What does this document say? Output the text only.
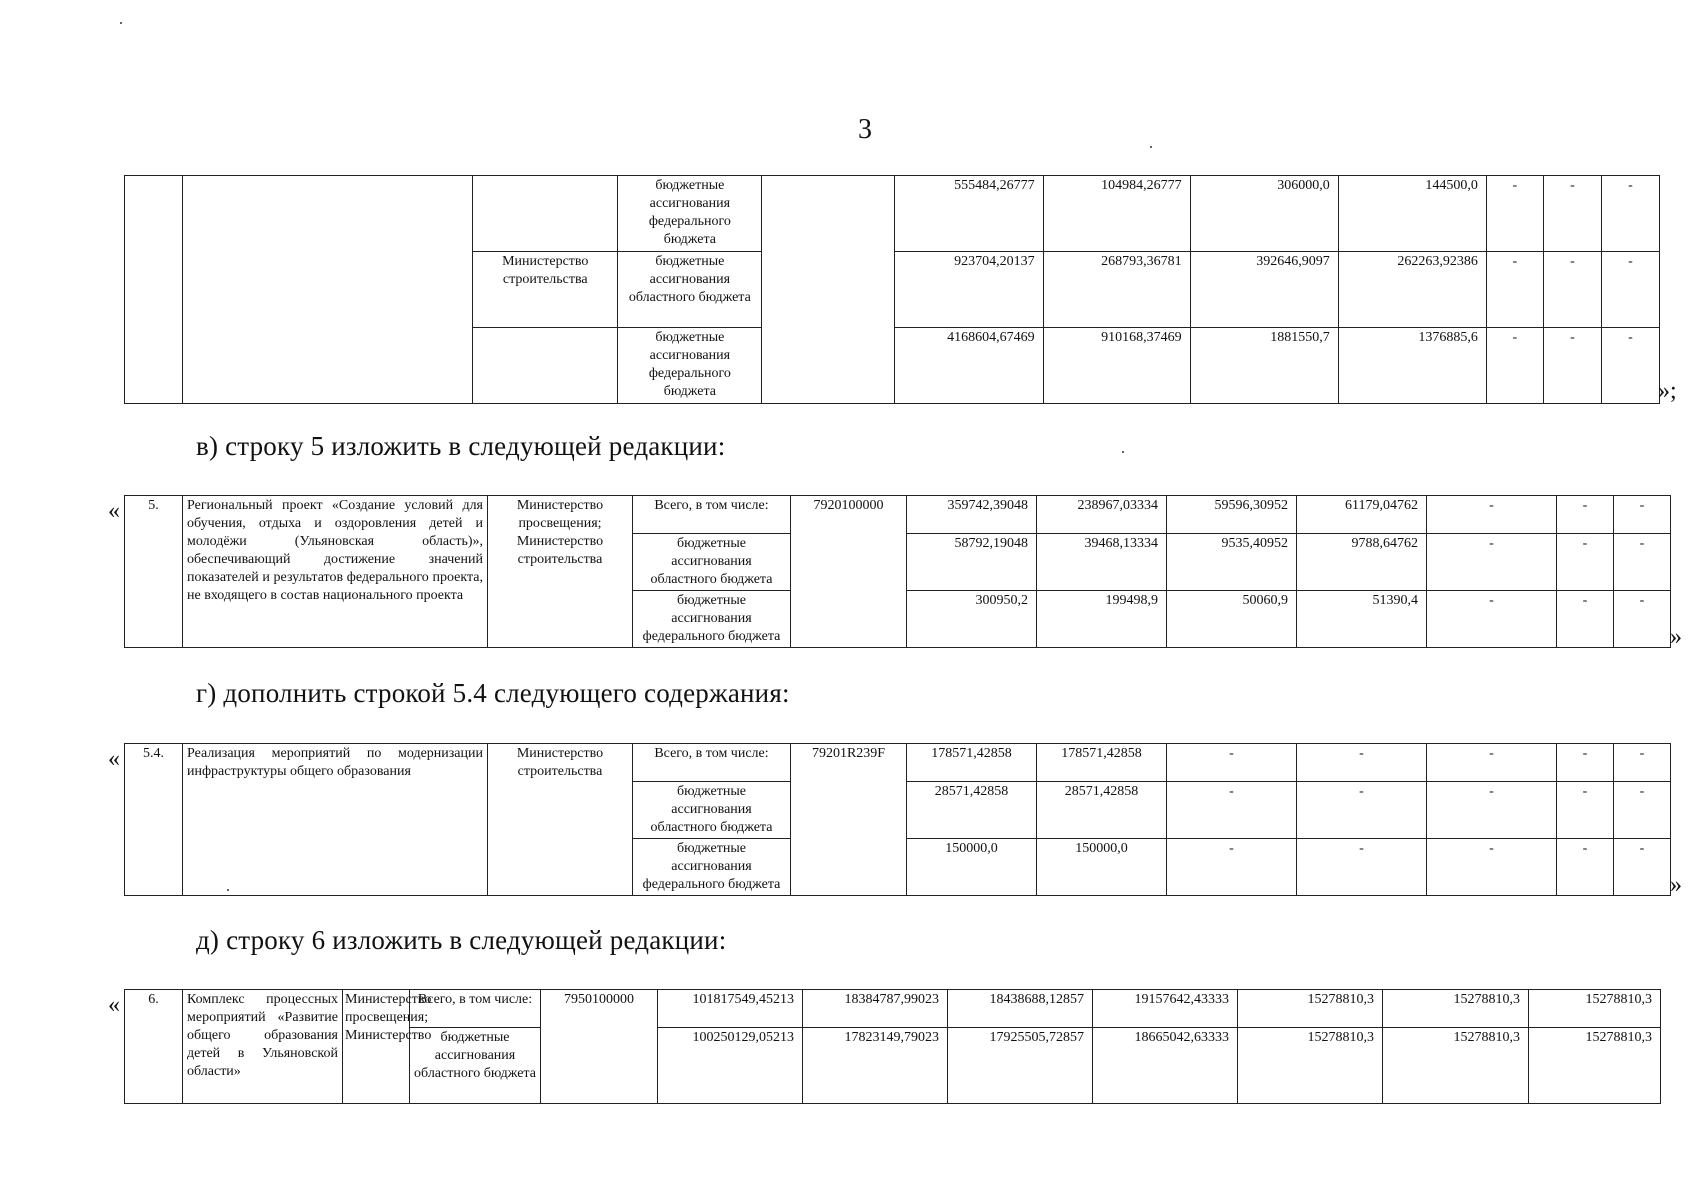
3
			бюджетные ассигнования федерального бюджета		555484,26777	104984,26777	306000,0	144500,0	-	-	-
		Министерство строительства	бюджетные ассигнования областного бюджета		923704,20137	268793,36781	392646,9097	262263,92386	-	-	-
			бюджетные ассигнования федерального бюджета		4168604,67469	910168,37469	1881550,7	1376885,6	-	-	-
»;
в) строку 5 изложить в следующей редакции:
« 5.	Региональный проект «Создание условий для обучения, отдыха и оздоровления детей и молодёжи (Ульяновская область)», обеспечивающий достижение значений показателей и результатов федерального проекта, не входящего в состав национального проекта	Министерство просвещения; Министерство строительства	Всего, в том числе:	7920100000	359742,39048	238967,03334	59596,30952	61179,04762	-	-	-
			бюджетные ассигнования областного бюджета		58792,19048	39468,13334	9535,40952	9788,64762	-	-	-
			бюджетные ассигнования федерального бюджета		300950,2	199498,9	50060,9	51390,4	-	-	-
»
г) дополнить строкой 5.4 следующего содержания:
« 5.4.	Реализация мероприятий по модернизации инфраструктуры общего образования	Министерство строительства	Всего, в том числе:	79201R239F	178571,42858	178571,42858	-	-	-	-	-
			бюджетные ассигнования областного бюджета		28571,42858	28571,42858	-	-	-	-	-
			бюджетные ассигнования федерального бюджета		150000,0	150000,0	-	-	-	-	-
»
д) строку 6 изложить в следующей редакции:
« 6.	Комплекс процессных мероприятий «Развитие общего образования детей в Ульяновской области»	Министерство просвещения; Министерство	Всего, в том числе:	7950100000	101817549,45213	18384787,99023	18438688,12857	19157642,43333	15278810,3	15278810,3	15278810,3
			бюджетные ассигнования областного бюджета		100250129,05213	17823149,79023	17925505,72857	18665042,63333	15278810,3	15278810,3	15278810,3
